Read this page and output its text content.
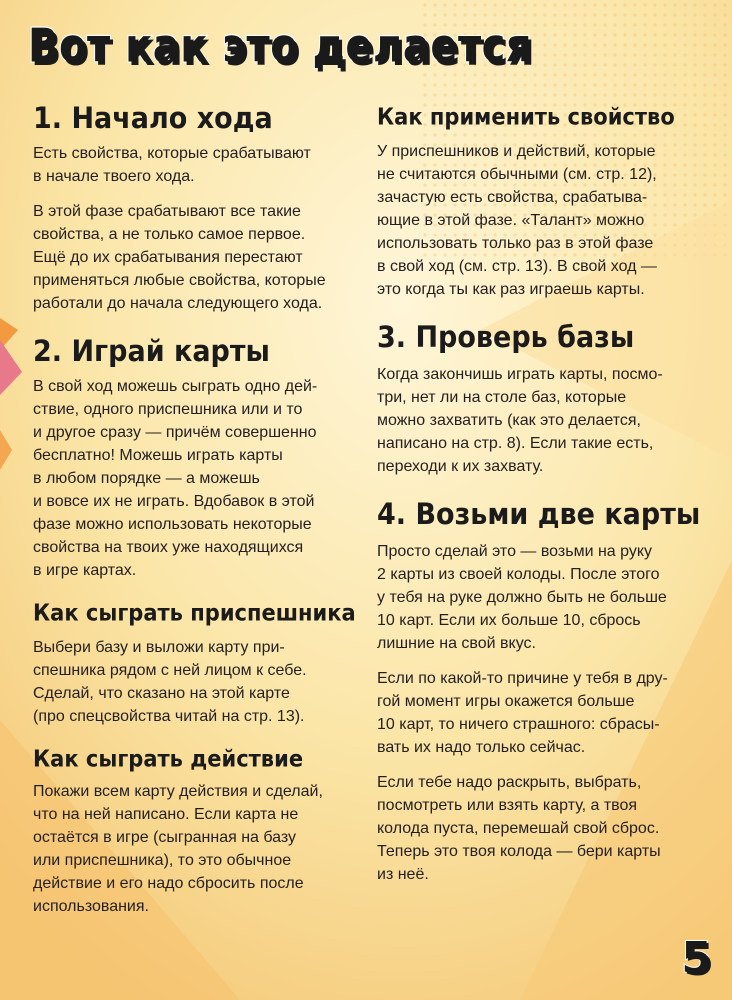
Вот как это делается
1. Начало хода

Есть свойства, которые срабатывают
в начале твоего хода.

В этой фазе срабатывают все такие
свойства, а не только самое первое.
Ещё до их срабатывания перестают
применяться любые свойства, которые
работали до начала следующего хода.

2. Играй карты

В свой ход можешь сыграть одно дей-
ствие, одного приспешника или и то
и другое сразу — причём совершенно
бесплатно! Можешь играть карты
в любом порядке — а можешь
и вовсе их не играть. Вдобавок в этой
фазе можно использовать некоторые
свойства на твоих уже находящихся
в игре картах.

Как сыграть приспешника

Выбери базу и выложи карту при-
спешника рядом с ней лицом к себе.
Сделай, что сказано на этой карте
(про спецсвойства читай на стр. 13).

Как сыграть действие

Покажи всем карту действия и сделай,
что на ней написано. Если карта не
остаётся в игре (сыгранная на базу
или приспешника), то это обычное
действие и его надо сбросить после
использования.

Как применить свойство

У приспешников и действий, которые
не считаются обычными (см. стр. 12),
зачастую есть свойства, срабатыва-
ющие в этой фазе. «Талант» можно
использовать только раз в этой фазе
в свой ход (см. стр. 13). В свой ход —
это когда ты как раз играешь карты.

3. Проверь базы

Когда закончишь играть карты, посмо-
три, нет ли на столе баз, которые
можно захватить (как это делается,
написано на стр. 8). Если такие есть,
переходи к их захвату.

4. Возьми две карты

Просто сделай это — возьми на руку
2 карты из своей колоды. После этого
у тебя на руке должно быть не больше
10 карт. Если их больше 10, сбрось
лишние на свой вкус.

Если по какой-то причине у тебя в дру-
гой момент игры окажется больше
10 карт, то ничего страшного: сбрасы-
вать их надо только сейчас.

Если тебе надо раскрыть, выбрать,
посмотреть или взять карту, а твоя
колода пуста, перемешай свой сброс.
Теперь это твоя колода — бери карты
из неё.

5
